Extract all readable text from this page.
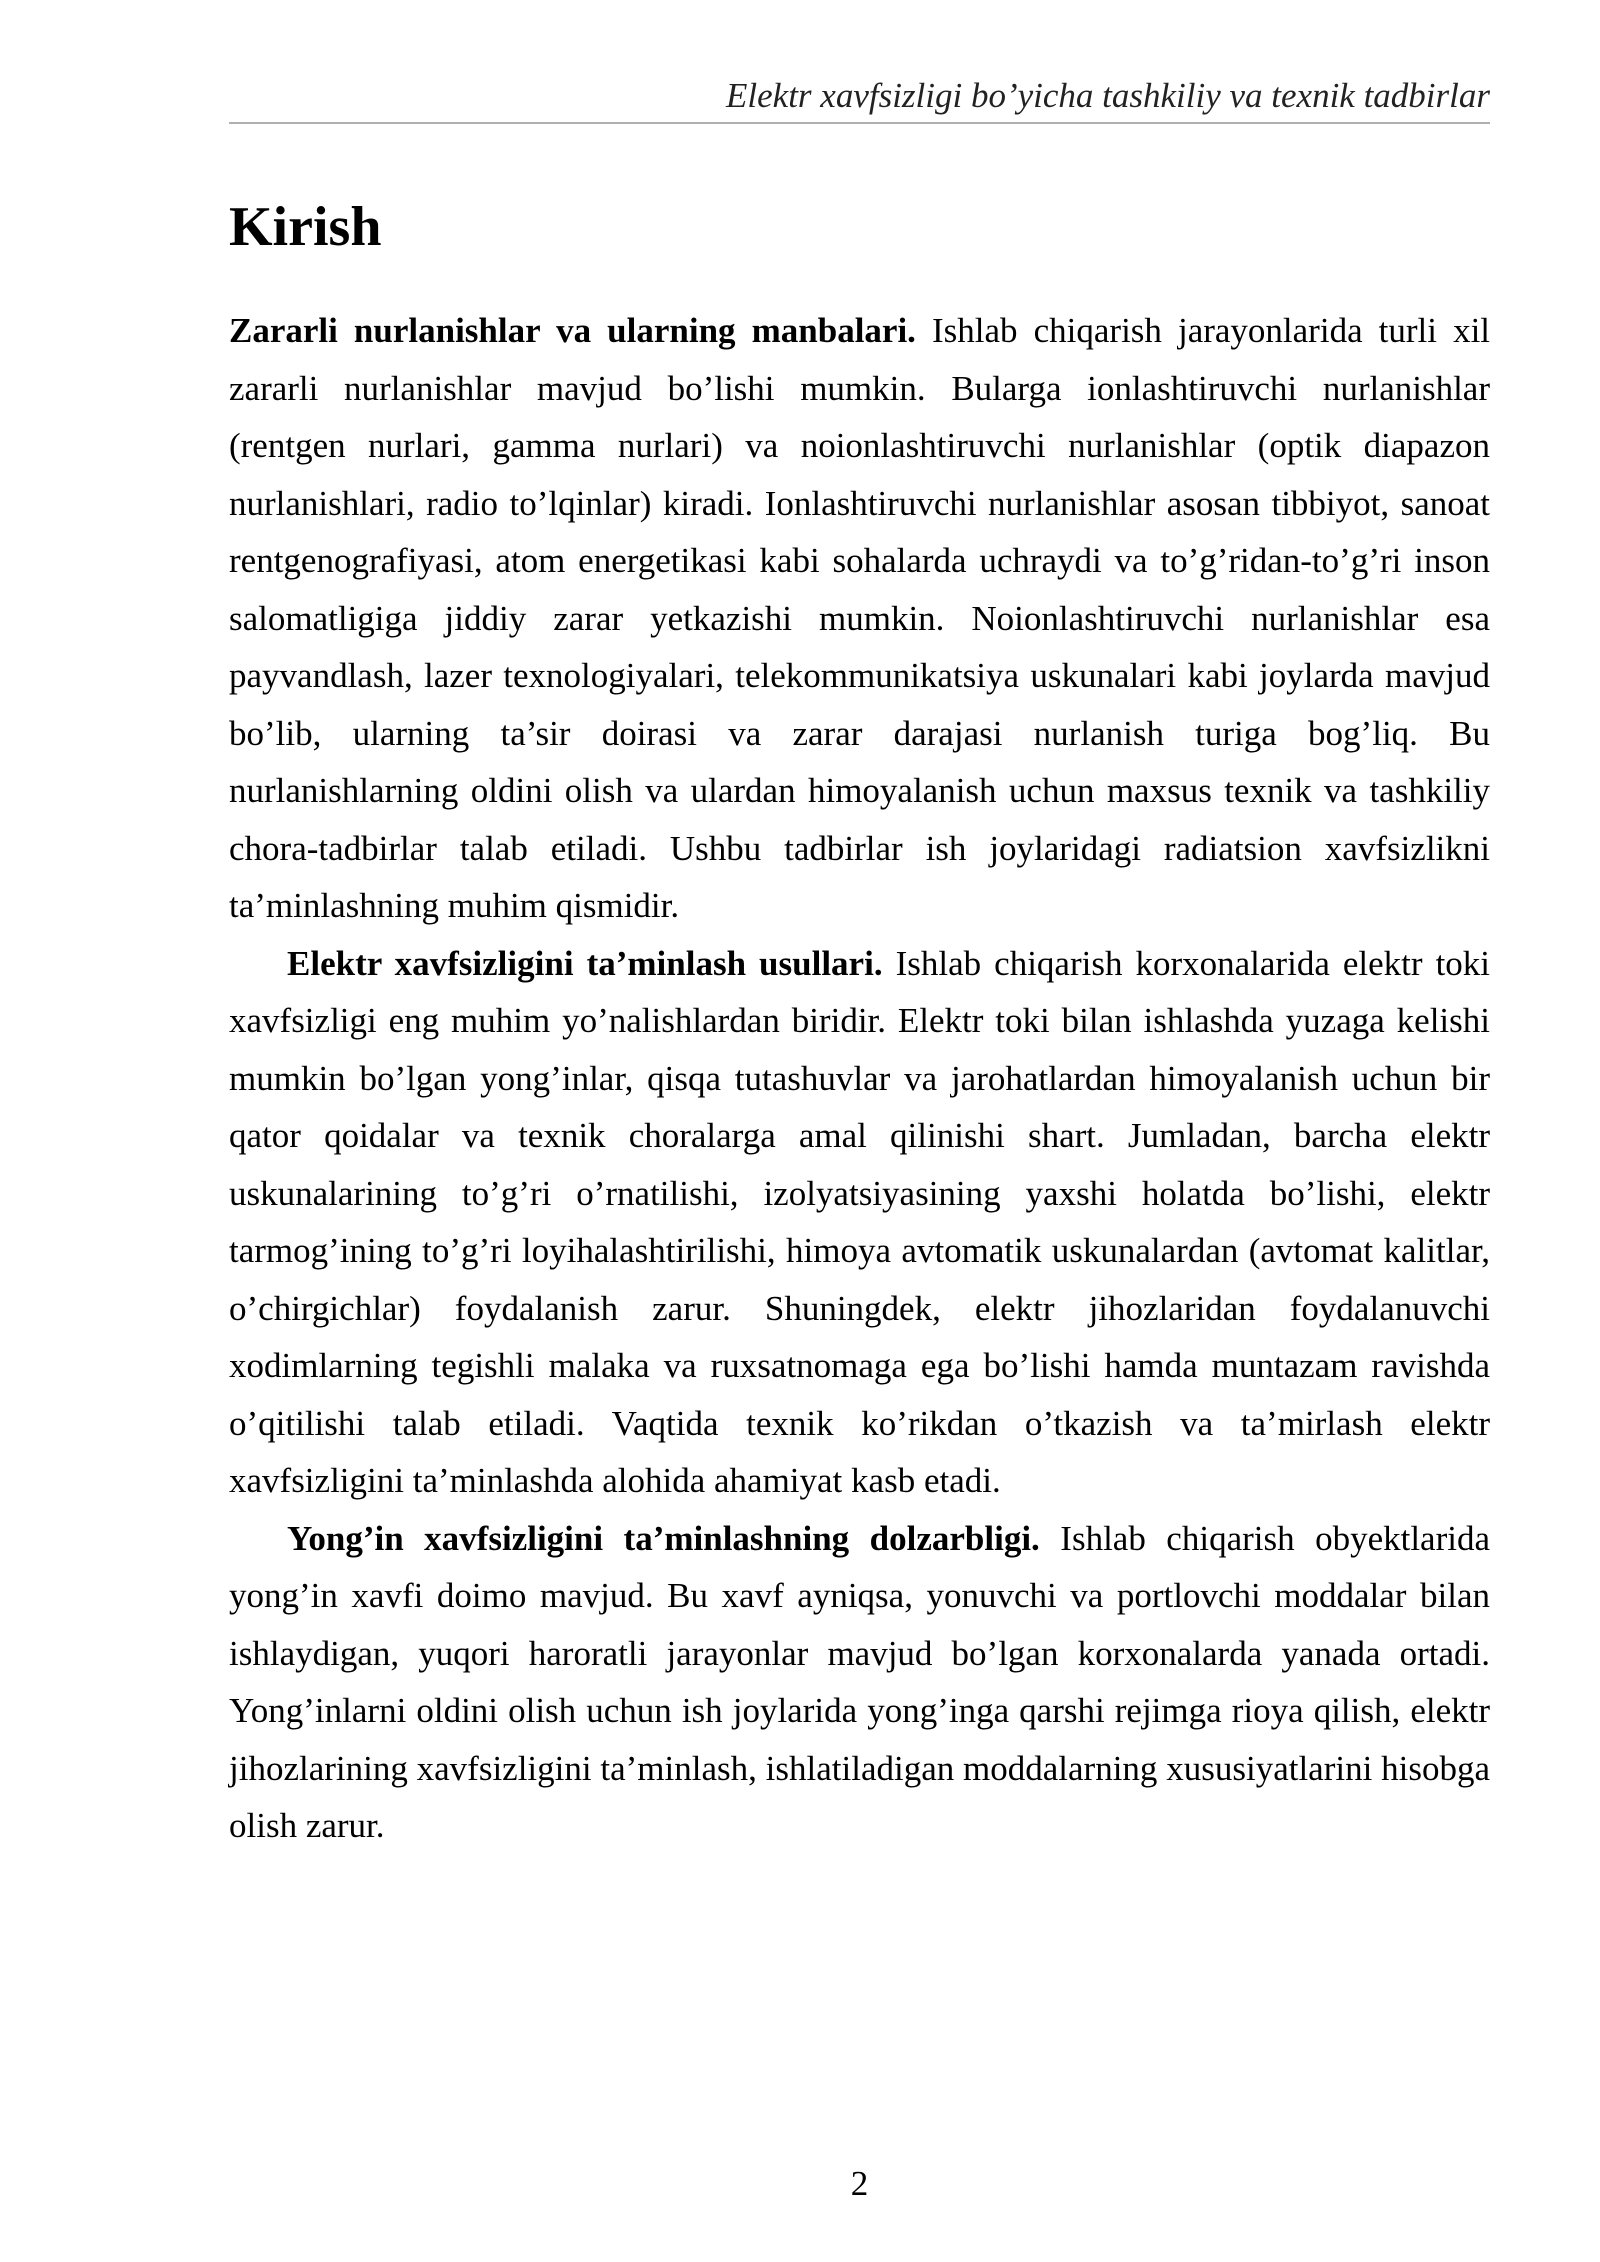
Elektr xavfsizligi bo’yicha tashkiliy va texnik tadbirlar
Kirish

Zararli nurlanishlar va ularning manbalari. Ishlab chiqarish jarayonlarida turli xil zararli nurlanishlar mavjud bo’lishi mumkin. Bularga ionlashtiruvchi nurlanishlar (rentgen nurlari, gamma nurlari) va noionlashtiruvchi nurlanishlar (optik diapazon nurlanishlari, radio to’lqinlar) kiradi. Ionlashtiruvchi nurlanishlar asosan tibbiyot, sanoat rentgenografiyasi, atom energetikasi kabi sohalarda uchraydi va to’g’ridan-to’g’ri inson salomatligiga jiddiy zarar yetkazishi mumkin. Noionlashtiruvchi nurlanishlar esa payvandlash, lazer texnologiyalari, telekommunikatsiya uskunalari kabi joylarda mavjud bo’lib, ularning ta’sir doirasi va zarar darajasi nurlanish turiga bog’liq. Bu nurlanishlarning oldini olish va ulardan himoyalanish uchun maxsus texnik va tashkiliy chora-tadbirlar talab etiladi. Ushbu tadbirlar ish joylaridagi radiatsion xavfsizlikni ta’minlashning muhim qismidir.

Elektr xavfsizligini ta’minlash usullari. Ishlab chiqarish korxonalarida elektr toki xavfsizligi eng muhim yo’nalishlardan biridir. Elektr toki bilan ishlashda yuzaga kelishi mumkin bo’lgan yong’inlar, qisqa tutashuvlar va jarohatlardan himoyalanish uchun bir qator qoidalar va texnik choralarga amal qilinishi shart. Jumladan, barcha elektr uskunalarining to’g’ri o’rnatilishi, izolyatsiyasining yaxshi holatda bo’lishi, elektr tarmog’ining to’g’ri loyihalashtirilishi, himoya avtomatik uskunalardan (avtomat kalitlar, o’chirgichlar) foydalanish zarur. Shuningdek, elektr jihozlaridan foydalanuvchi xodimlarning tegishli malaka va ruxsatnomaga ega bo’lishi hamda muntazam ravishda o’qitilishi talab etiladi. Vaqtida texnik ko’rikdan o’tkazish va ta’mirlash elektr xavfsizligini ta’minlashda alohida ahamiyat kasb etadi.

Yong’in xavfsizligini ta’minlashning dolzarbligi. Ishlab chiqarish obyektlarida yong’in xavfi doimo mavjud. Bu xavf ayniqsa, yonuvchi va portlovchi moddalar bilan ishlaydigan, yuqori haroratli jarayonlar mavjud bo’lgan korxonalarda yanada ortadi. Yong’inlarni oldini olish uchun ish joylarida yong’inga qarshi rejimga rioya qilish, elektr jihozlarining xavfsizligini ta’minlash, ishlatiladigan moddalarning xususiyatlarini hisobga olish zarur.

2
